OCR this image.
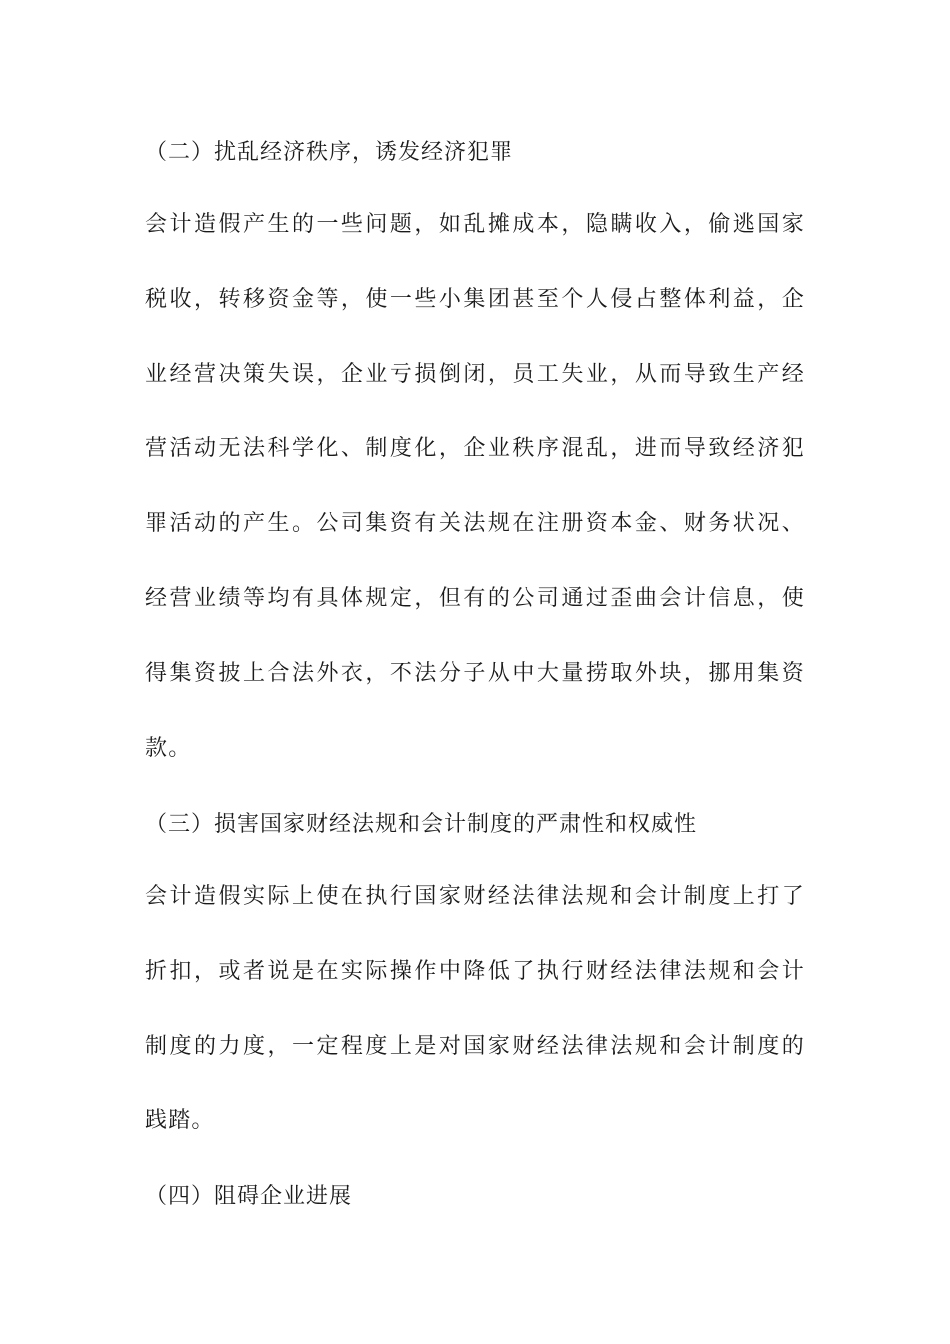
（二）扰乱经济秩序，诱发经济犯罪
会计造假产生的一些问题，如乱摊成本，隐瞒收入，偷逃国家
税收，转移资金等，使一些小集团甚至个人侵占整体利益，企
业经营决策失误，企业亏损倒闭，员工失业，从而导致生产经
营活动无法科学化、制度化，企业秩序混乱，进而导致经济犯
罪活动的产生。公司集资有关法规在注册资本金、财务状况、
经营业绩等均有具体规定，但有的公司通过歪曲会计信息，使
得集资披上合法外衣，不法分子从中大量捞取外块，挪用集资
款。
（三）损害国家财经法规和会计制度的严肃性和权威性
会计造假实际上使在执行国家财经法律法规和会计制度上打了
折扣，或者说是在实际操作中降低了执行财经法律法规和会计
制度的力度，一定程度上是对国家财经法律法规和会计制度的
践踏。
（四）阻碍企业进展
